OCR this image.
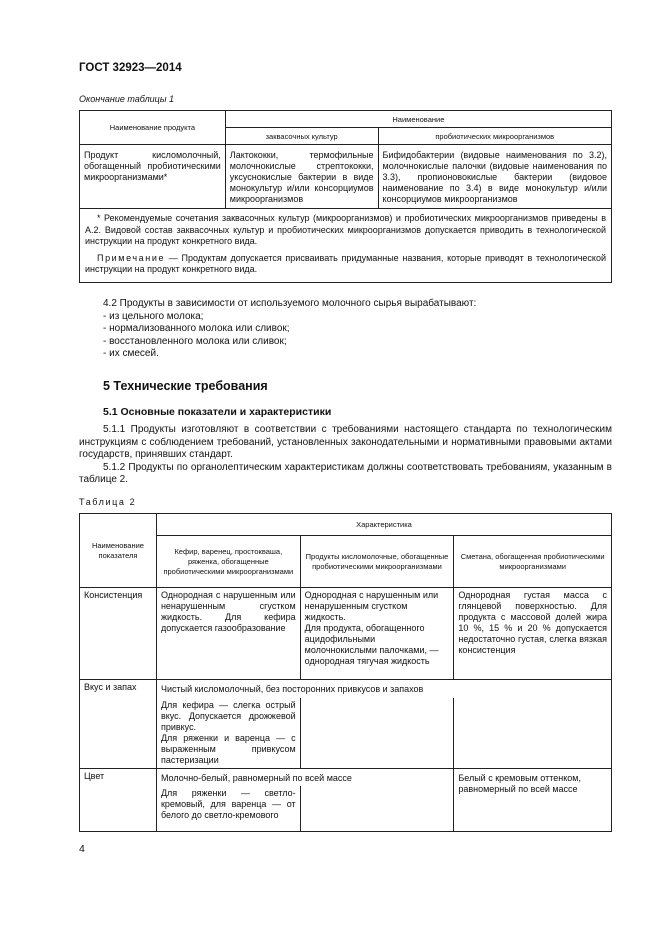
ГОСТ 32923—2014
Окончание таблицы 1
Наименование продукта	Наименование	
	заквасочных культур	пробиотических микроорганизмов
Продукт кисломолочный, обогащенный пробиотическими микроорганизмами*	Лактококки, термофильные молочнокислые стрептококки, уксуснокислые бактерии в виде монокультур и/или консорциумов микроорганизмов	Бифидобактерии (видовые наименования по 3.2), молочнокислые палочки (видовые наименования по 3.3), пропионовокислые бактерии (видовое наименование по 3.4) в виде монокультур и/или консорциумов микроорганизмов

* Рекомендуемые сочетания заквасочных культур (микроорганизмов) и пробиотических микроорганизмов приведены в А.2. Видовой состав заквасочных культур и пробиотических микроорганизмов допускается приводить в технологической инструкции на продукт конкретного вида.

Примечание — Продуктам допускается присваивать придуманные названия, которые приводят в технологической инструкции на продукт конкретного вида.		

4.2 Продукты в зависимости от используемого молочного сырья вырабатывают:

- из цельного молока;

- нормализованного молока или сливок;

- восстановленного молока или сливок;

- их смесей.

5 Технические требования
5.1 Основные показатели и характеристики

5.1.1 Продукты изготовляют в соответствии с требованиями настоящего стандарта по технологическим инструкциям с соблюдением требований, установленных законодательными и нормативными правовыми актами государств, принявших стандарт.

5.1.2 Продукты по органолептическим характеристикам должны соответствовать требованиям, указанным в таблице 2.

Таблица 2
Наименование показателя	Характеристика		
	Кефир, варенец, простокваша, ряженка, обогащенные пробиотическими микроорганизмами	Продукты кисломолочные, обогащенные пробиотическими микроорганизмами	Сметана, обогащенная пробиотическими микроорганизмами
Консистенция	Однородная с нарушенным или ненарушенным сгустком жидкость. Для кефира допускается газообразование	Однородная с нарушенным или ненарушенным сгустком жидкость.

Для продукта, обогащенного ацидофильными молочнокислыми палочками, — однородная тягучая жидкость	Однородная густая масса с глянцевой поверхностью. Для продукта с массовой долей жира 10 %, 15 % и 20 % допускается недостаточно густая, слегка вязкая консистенция
Вкус и запах	Чистый кисломолочный, без посторонних привкусов и запахов		

	Для кефира — слегка острый вкус. Допускается дрожжевой привкус.

Для ряженки и варенца — с выраженным привкусом пастеризации		

Цвет	Молочно-белый, равномерный по всей массе		Белый с кремовым оттенком, равномерный по всей массе
	Для ряженки — светло-кремовый, для варенца — от белого до светло-кремового		
4
